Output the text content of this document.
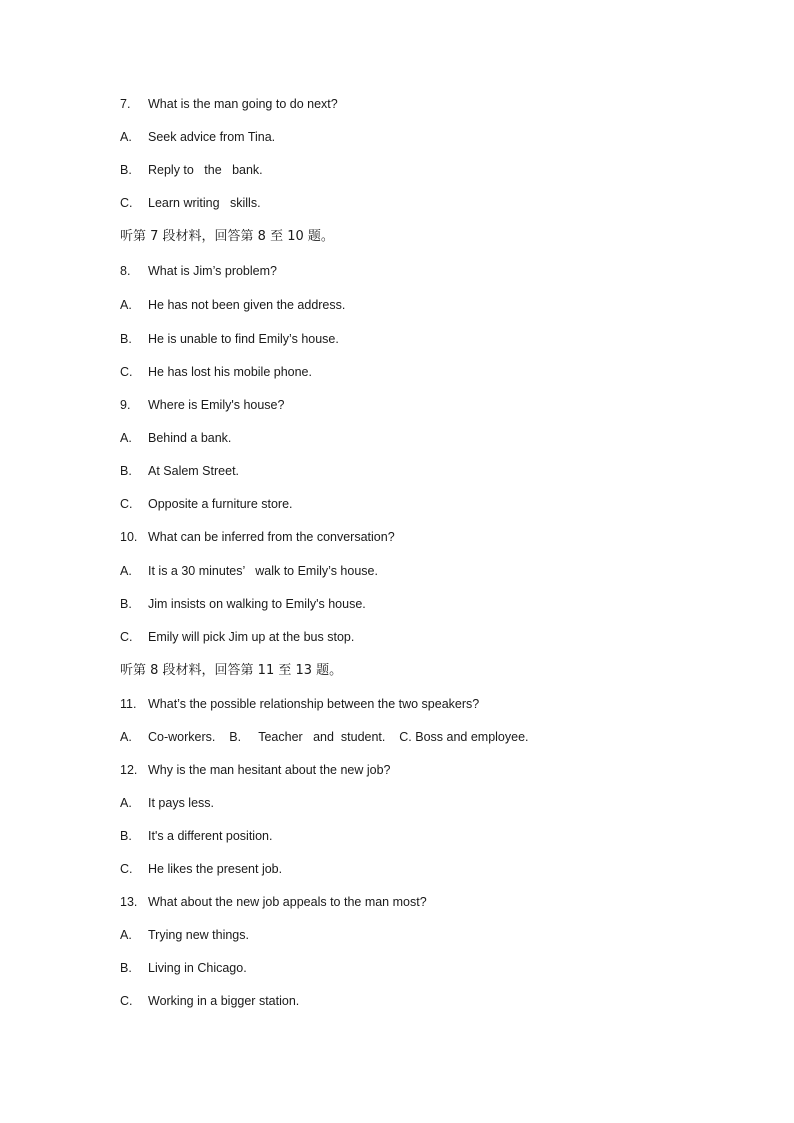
7. What is the man going to do next?
A. Seek advice from Tina.
B. Reply to   the   bank.
C. Learn writing   skills.
听第 7 段材料，回答第 8 至 10 题。
8. What is Jim’s problem?
A. He has not been given the address.
B. He is unable to find Emily’s house.
C. He has lost his mobile phone.
9. Where is Emily's house?
A. Behind a bank.
B. At Salem Street.
C. Opposite a furniture store.
10. What can be inferred from the conversation?
A. It is a 30 minutes’   walk to Emily’s house.
B. Jim insists on walking to Emily's house.
C. Emily will pick Jim up at the bus stop.
听第 8 段材料，回答第 11 至 13 题。
11. What’s the possible relationship between the two speakers?
A. Co-workers.    B.     Teacher   and  student.    C. Boss and employee.
12. Why is the man hesitant about the new job?
A. It pays less.
B. It's a different position.
C. He likes the present job.
13. What about the new job appeals to the man most?
A. Trying new things.
B. Living in Chicago.
C. Working in a bigger station.
